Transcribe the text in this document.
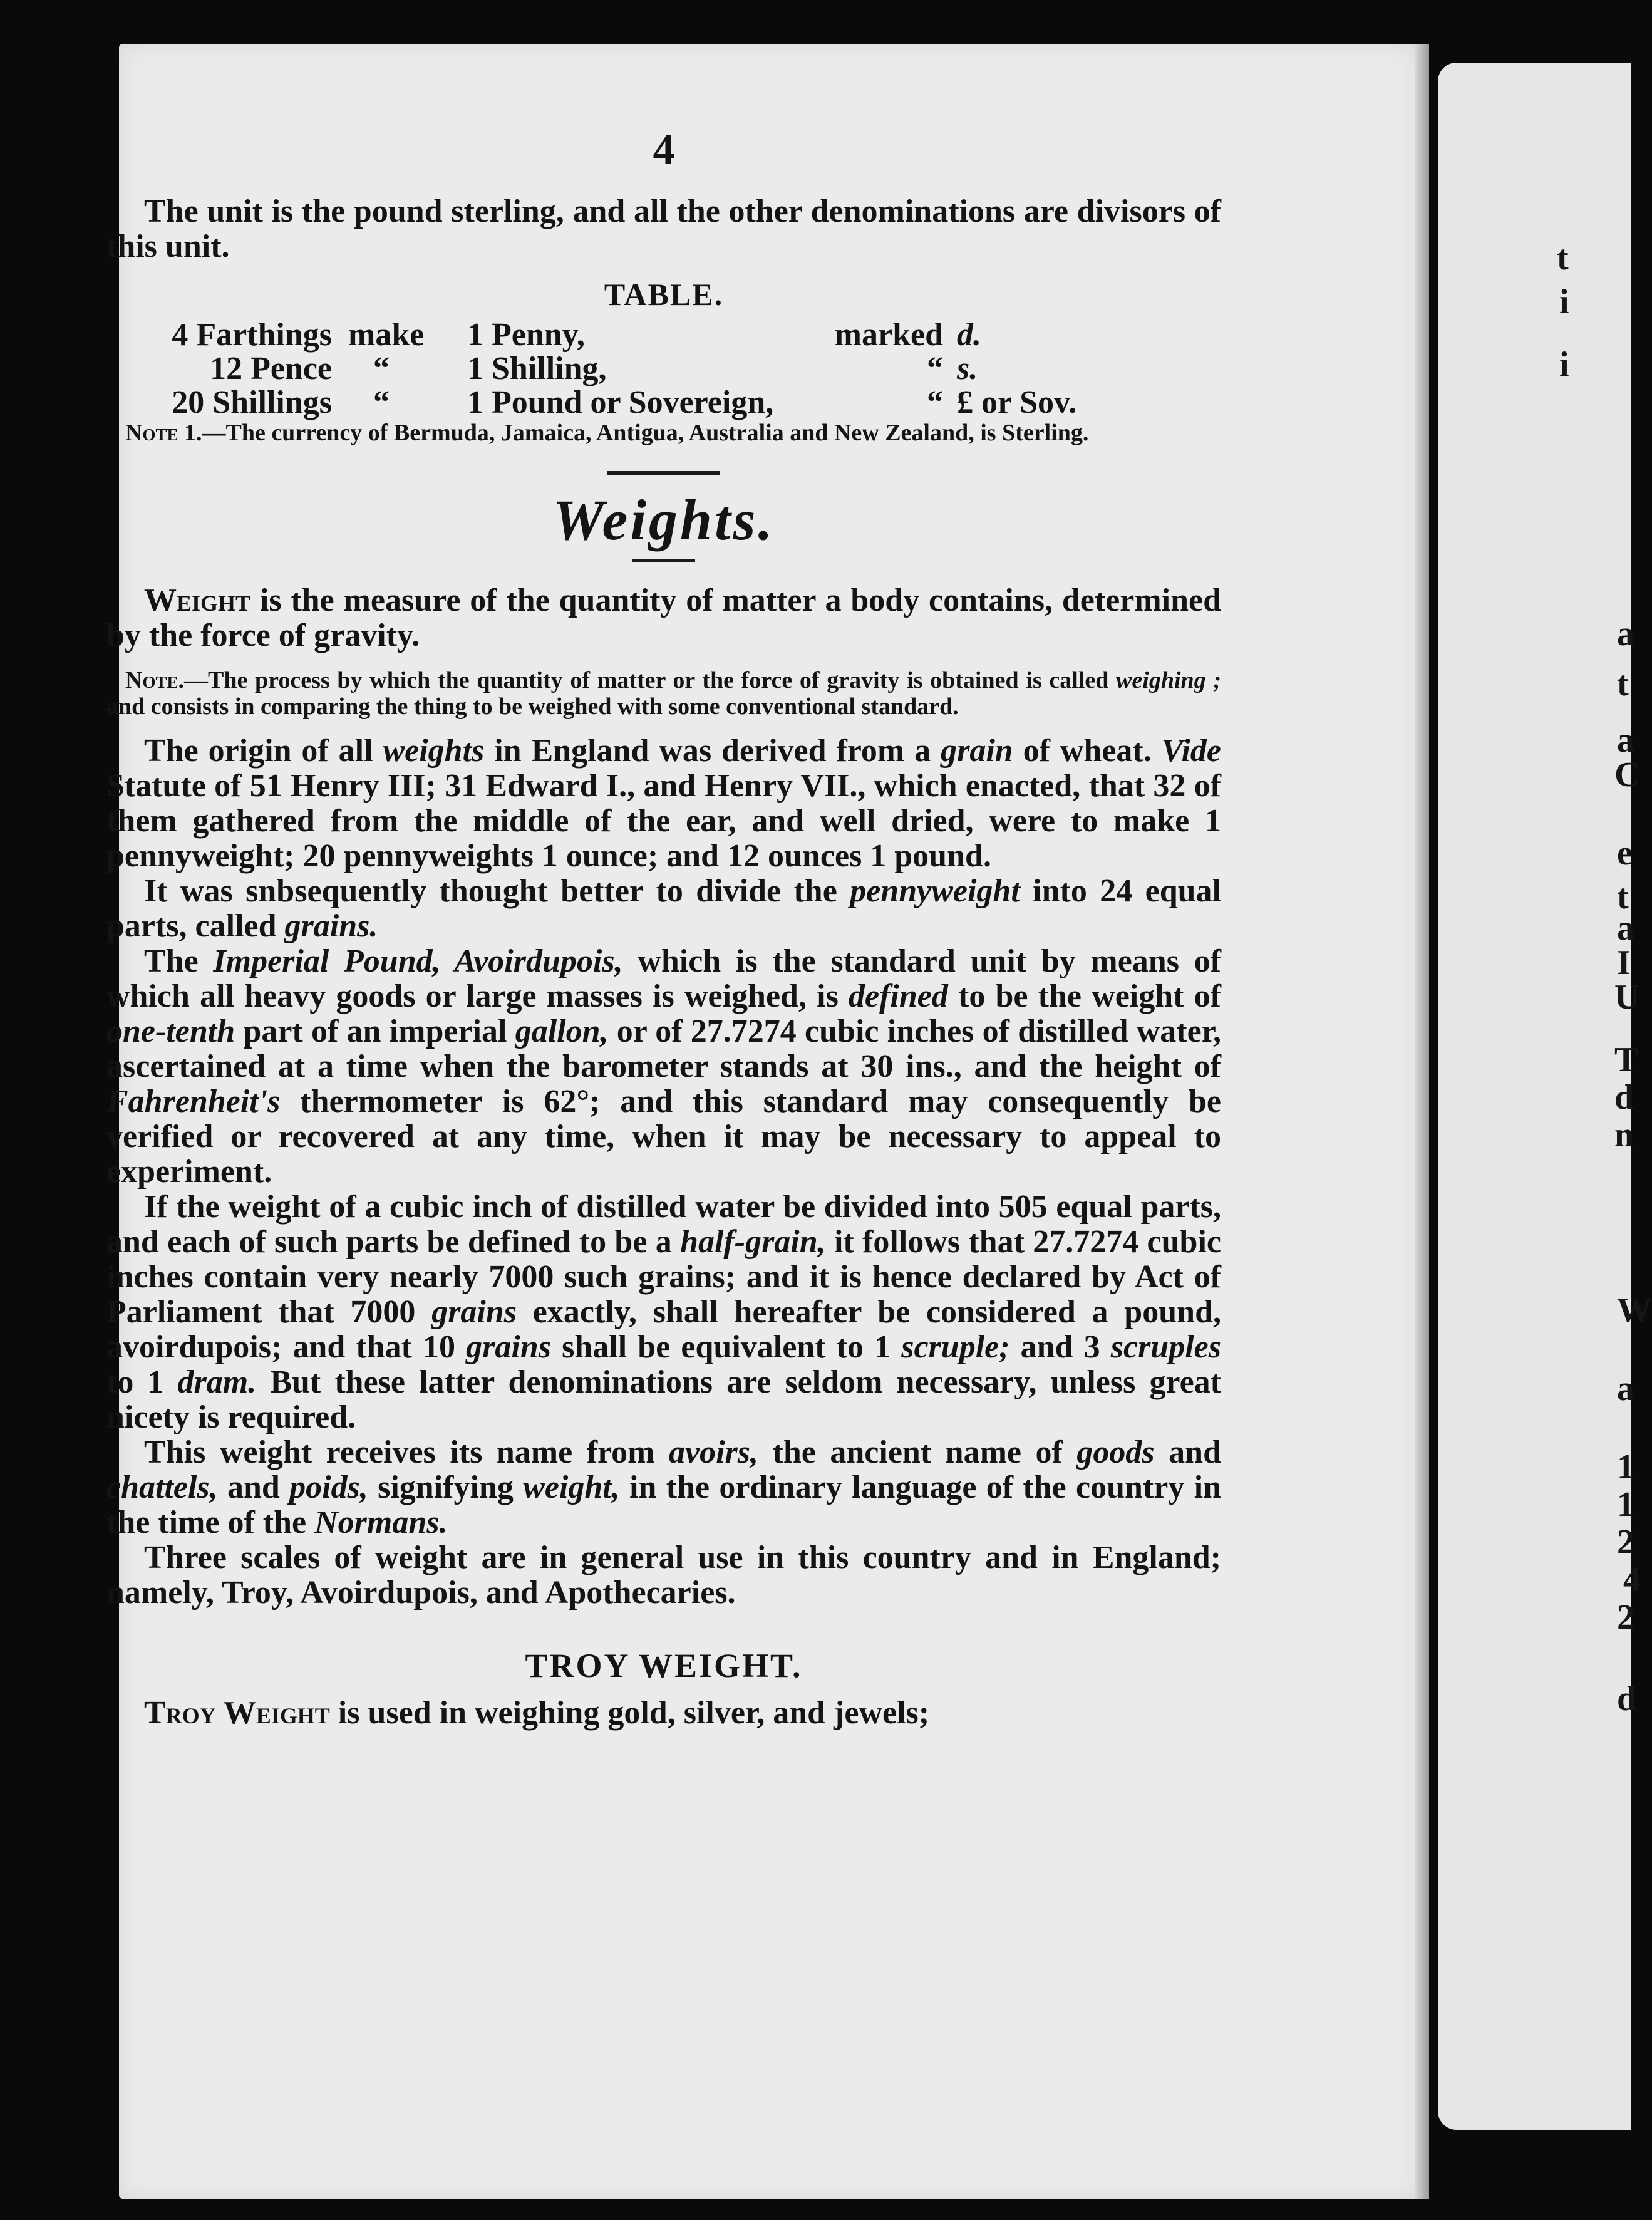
t
i
i
a
t
a
C
e
t
a
I
U
T
d
n
W
a
1
1
2
4
2
d
4

The unit is the pound sterling, and all the other denominations are divisors of this unit.

TABLE.
4 Farthings	make	1 Penny,	marked	d.
12 Pence	“	1 Shilling,	“	s.
20 Shillings	“	1 Pound or Sovereign,	“	£ or Sov.

Note 1.—The currency of Bermuda, Jamaica, Antigua, Australia and New Zealand, is Sterling.

Weights.

Weight is the measure of the quantity of matter a body contains, determined by the force of gravity.

Note.—The process by which the quantity of matter or the force of gravity is obtained is called weighing ; and consists in comparing the thing to be weighed with some conventional standard.

The origin of all weights in England was derived from a grain of wheat. Vide Statute of 51 Henry III; 31 Edward I., and Henry VII., which enacted, that 32 of them gathered from the middle of the ear, and well dried, were to make 1 pennyweight; 20 pennyweights 1 ounce; and 12 ounces 1 pound.

It was snbsequently thought better to divide the pennyweight into 24 equal parts, called grains.

The Imperial Pound, Avoirdupois, which is the standard unit by means of which all heavy goods or large masses is weighed, is defined to be the weight of one-tenth part of an imperial gallon, or of 27.7274 cubic inches of distilled water, ascertained at a time when the barometer stands at 30 ins., and the height of Fahrenheit's thermometer is 62°; and this standard may consequently be verified or recovered at any time, when it may be necessary to appeal to experiment.

If the weight of a cubic inch of distilled water be divided into 505 equal parts, and each of such parts be defined to be a half-grain, it follows that 27.7274 cubic inches contain very nearly 7000 such grains; and it is hence declared by Act of Parliament that 7000 grains exactly, shall hereafter be considered a pound, avoirdupois; and that 10 grains shall be equivalent to 1 scruple; and 3 scruples to 1 dram. But these latter denominations are seldom necessary, unless great nicety is required.

This weight receives its name from avoirs, the ancient name of goods and chattels, and poids, signifying weight, in the ordinary language of the country in the time of the Normans.

Three scales of weight are in general use in this country and in England; namely, Troy, Avoirdupois, and Apothecaries.

TROY WEIGHT.

Troy Weight is used in weighing gold, silver, and jewels;
